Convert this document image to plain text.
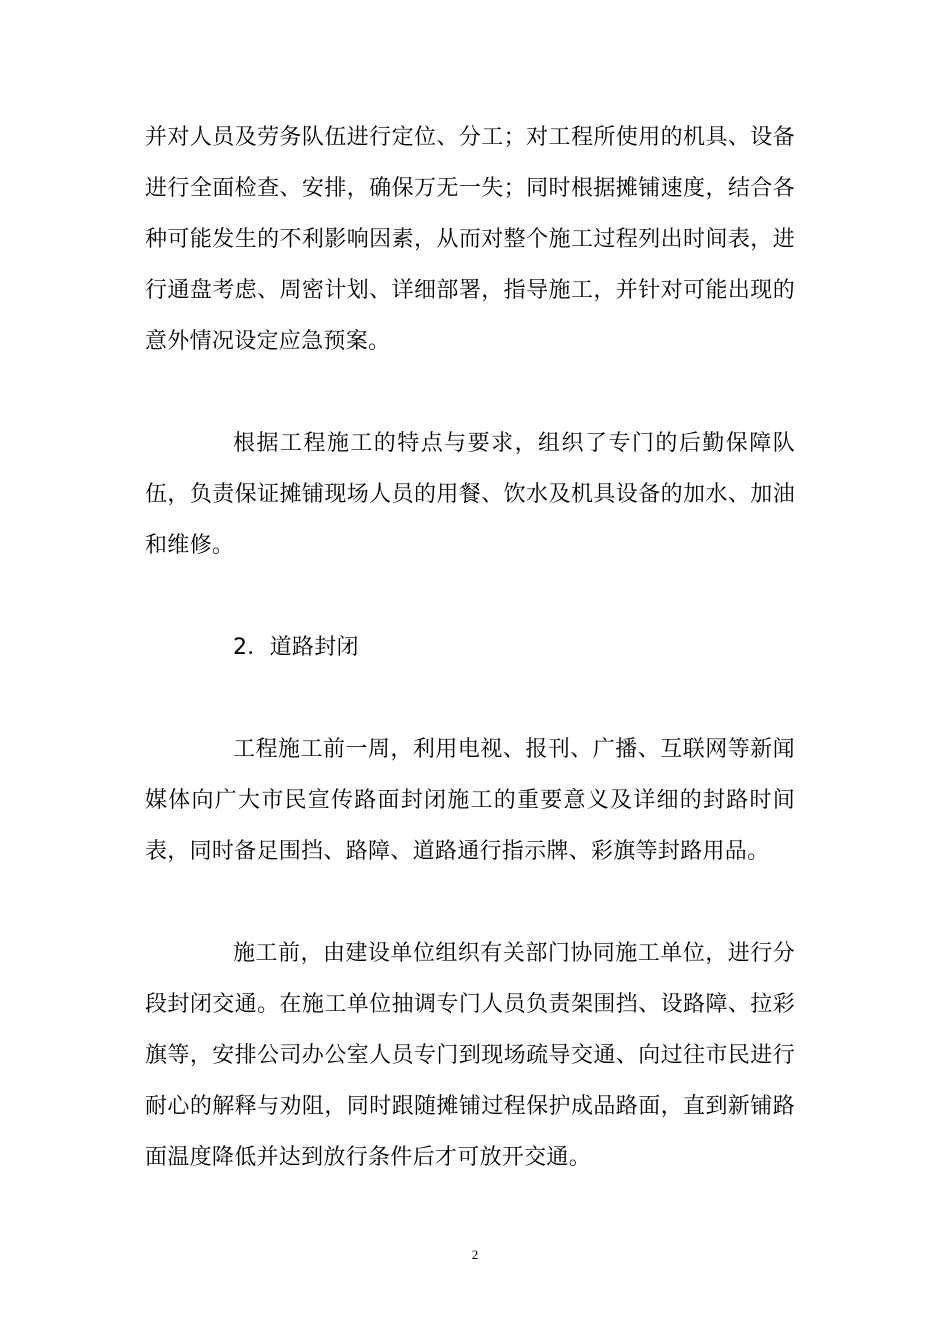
并对人员及劳务队伍进行定位、分工；对工程所使用的机具、设备进行全面检查、安排，确保万无一失；同时根据摊铺速度，结合各种可能发生的不利影响因素，从而对整个施工过程列出时间表，进行通盘考虑、周密计划、详细部署，指导施工，并针对可能出现的意外情况设定应急预案。

根据工程施工的特点与要求，组织了专门的后勤保障队伍，负责保证摊铺现场人员的用餐、饮水及机具设备的加水、加油和维修。

2．道路封闭

工程施工前一周，利用电视、报刊、广播、互联网等新闻媒体向广大市民宣传路面封闭施工的重要意义及详细的封路时间表，同时备足围挡、路障、道路通行指示牌、彩旗等封路用品。

施工前，由建设单位组织有关部门协同施工单位，进行分段封闭交通。在施工单位抽调专门人员负责架围挡、设路障、拉彩旗等，安排公司办公室人员专门到现场疏导交通、向过往市民进行耐心的解释与劝阻，同时跟随摊铺过程保护成品路面，直到新铺路面温度降低并达到放行条件后才可放开交通。

2
